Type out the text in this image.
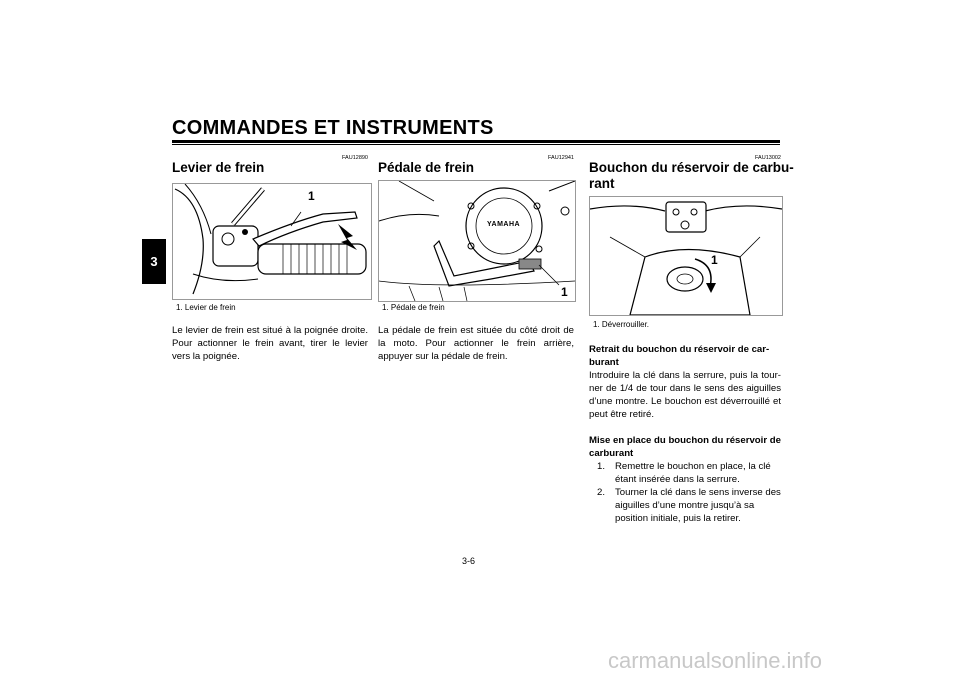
COMMANDES ET INSTRUMENTS
3
FAU12890
Levier de frein
1
1. Levier de frein
Le levier de frein est situé à la poignée droite. Pour actionner le frein avant, tirer le levier vers la poignée.
FAU12941
Pédale de frein
YAMAHA
1
1. Pédale de frein
La pédale de frein est située du côté droit de la moto. Pour actionner le frein arrière, appuyer sur la pédale de frein.
FAU13002
Bouchon du réservoir de carbu-
rant
1
1. Déverrouiller.
Retrait du bouchon du réservoir de car-burant
Introduire la clé dans la serrure, puis la tour-ner de 1/4 de tour dans le sens des aiguilles d’une montre. Le bouchon est déverrouillé et peut être retiré.
Mise en place du bouchon du réservoir de carburant
1. Remettre le bouchon en place, la clé étant insérée dans la serrure.
2. Tourner la clé dans le sens inverse des aiguilles d’une montre jusqu’à sa position initiale, puis la retirer.
3-6
carmanualsonline.info
